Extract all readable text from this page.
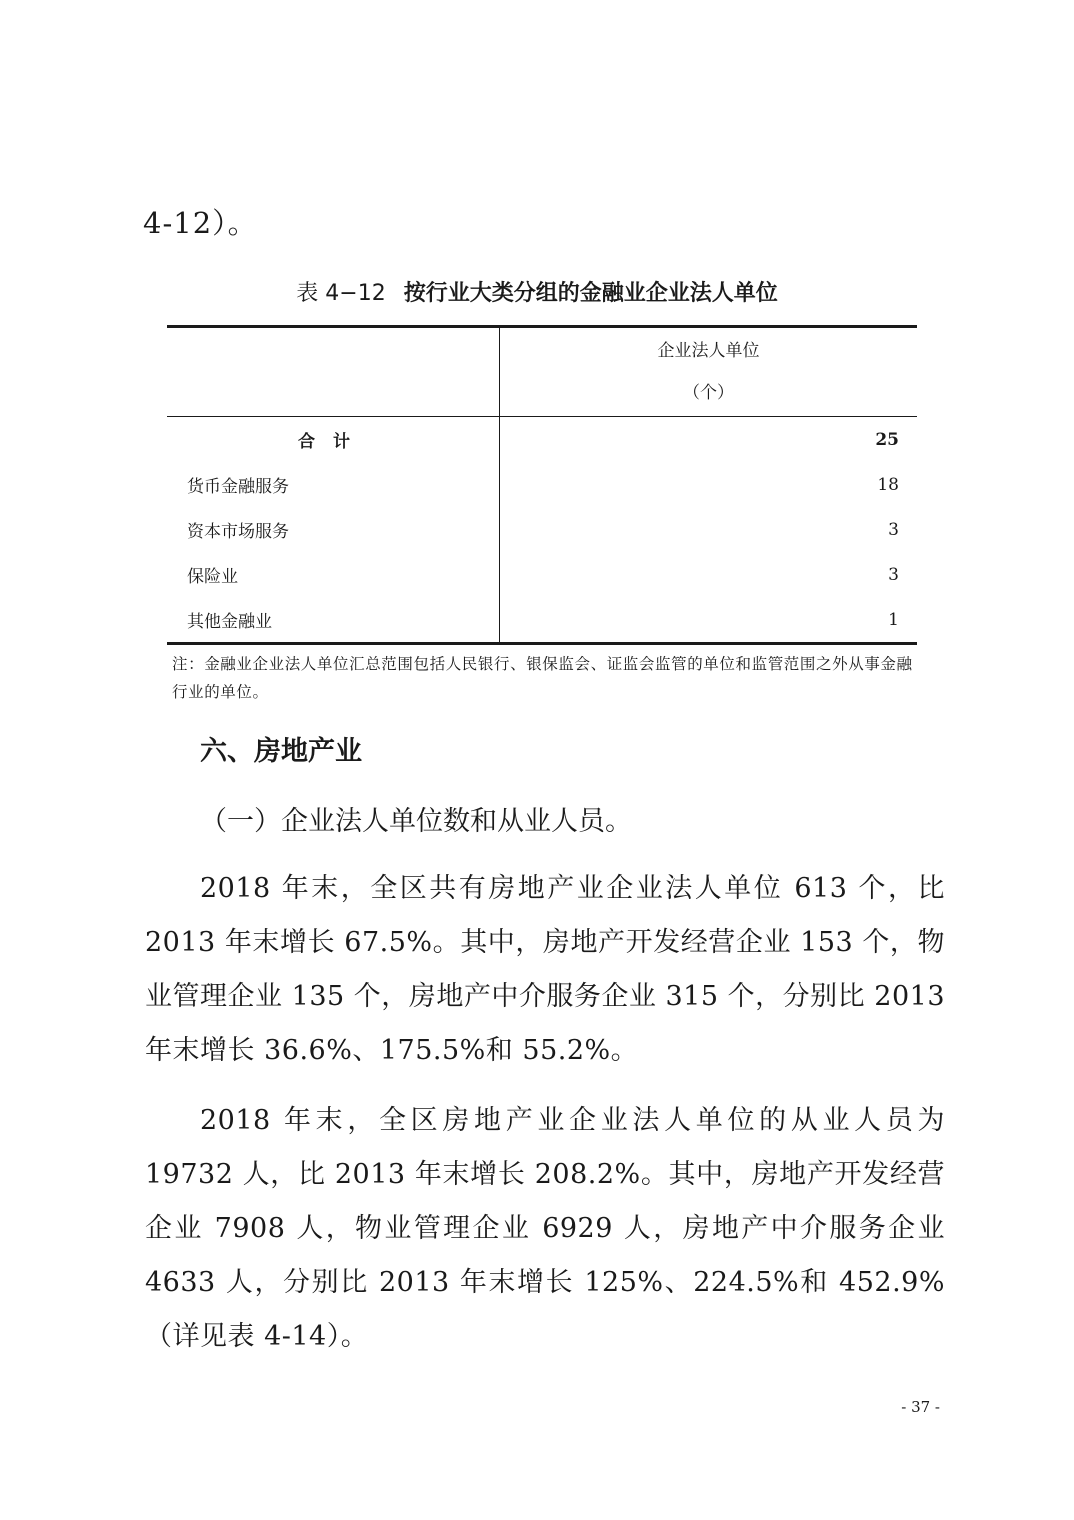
4-12）。
表 4−12 按行业大类分组的金融业企业法人单位

	企业法人单位
（个）

合计	25
货币金融服务	18
资本市场服务	3
保险业	3
其他金融业	1
注：金融业企业法人单位汇总范围包括人民银行、银保监会、证监会监管的单位和监管范围之外从事金融行业的单位。
六、房地产业
（一）企业法人单位数和从业人员。
2018 年末，全区共有房地产业企业法人单位 613 个，比 2013 年末增长 67.5%。其中，房地产开发经营企业 153 个，物业管理企业 135 个，房地产中介服务企业 315 个，分别比 2013 年末增长 36.6%、175.5%和 55.2%。
2018 年末，全区房地产业企业法人单位的从业人员为 19732 人，比 2013 年末增长 208.2%。其中，房地产开发经营企业 7908 人，物业管理企业 6929 人，房地产中介服务企业 4633 人，分别比 2013 年末增长 125%、224.5%和 452.9%（详见表 4-14）。
- 37 -
